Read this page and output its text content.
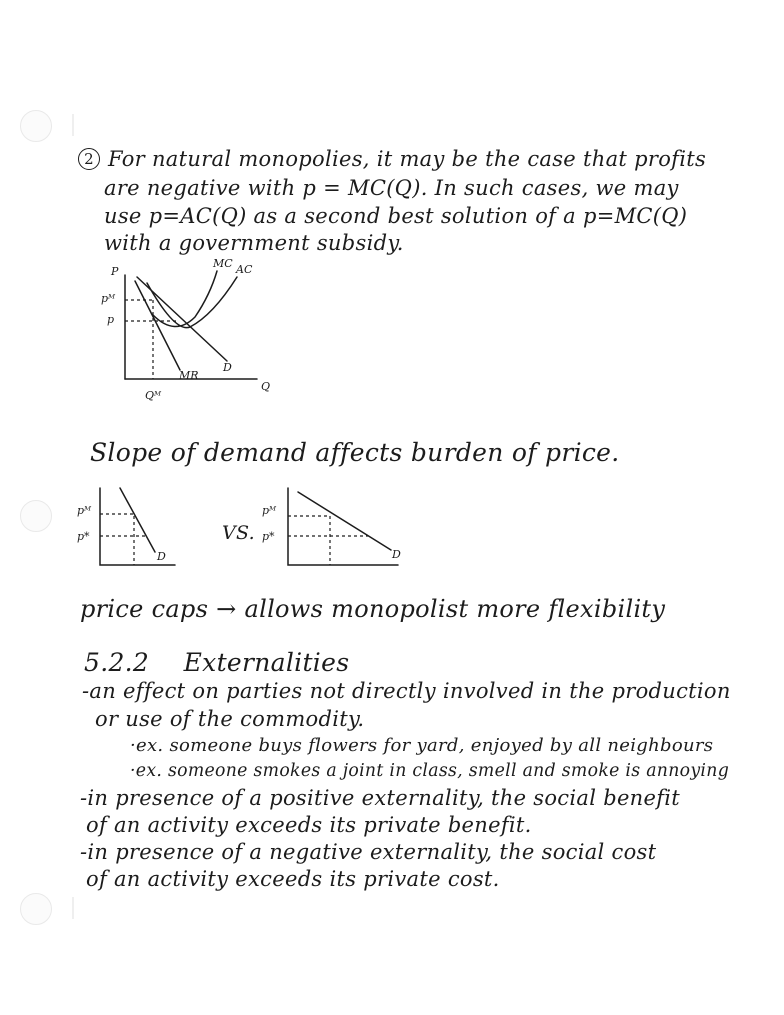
2 For natural monopolies, it may be the case that profits
are negative with p = MC(Q). In such cases, we may
use p=AC(Q) as a second best solution of a p=MC(Q)
with a government subsidy.
P
pᴹ
p
MC AC
MR
D
Q
Qᴹ
Slope of demand affects burden of price.
pᴹ
p*
D
VS.
pᴹ
p*
D
price caps → allows monopolist more flexibility
5.2.2 Externalities
-an effect on parties not directly involved in the production
or use of the commodity.
·ex. someone buys flowers for yard, enjoyed by all neighbours
·ex. someone smokes a joint in class, smell and smoke is annoying
-in presence of a positive externality, the social benefit
of an activity exceeds its private benefit.
-in presence of a negative externality, the social cost
of an activity exceeds its private cost.
